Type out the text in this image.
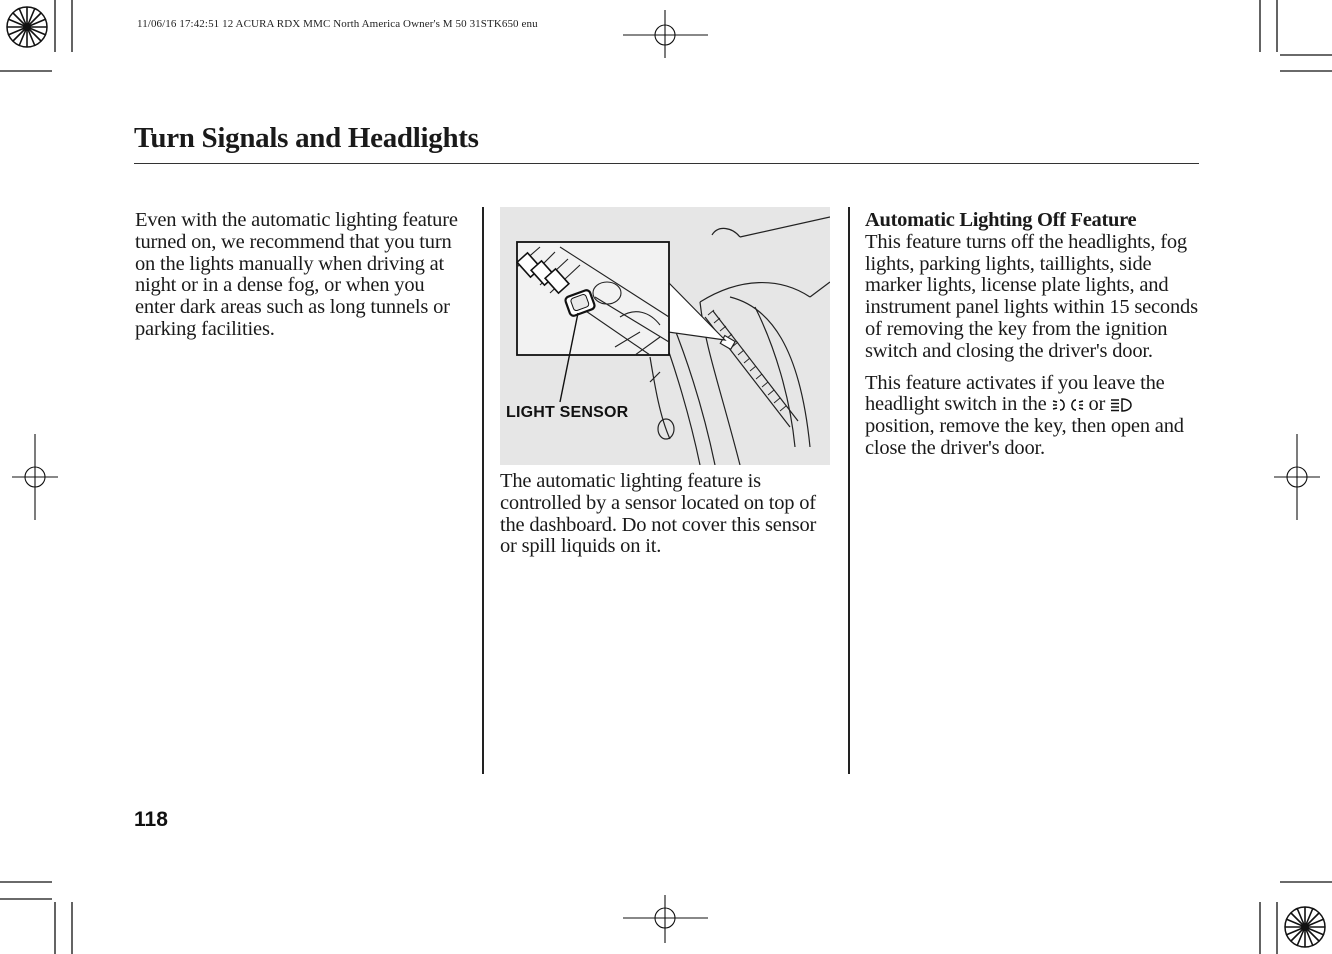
11/06/16 17:42:51 12 ACURA RDX MMC North America Owner's M 50 31STK650 enu
Turn Signals and Headlights

Even with the automatic lighting feature turned on, we recommend that you turn on the lights manually when driving at night or in a dense fog, or when you enter dark areas such as long tunnels or parking facilities.

LIGHT SENSOR

The automatic lighting feature is controlled by a sensor located on top of the dashboard. Do not cover this sensor or spill liquids on it.

Automatic Lighting Off Feature
This feature turns off the headlights, fog lights, parking lights, taillights, side marker lights, license plate lights, and instrument panel lights within 15 seconds of removing the key from the ignition switch and closing the driver's door.

This feature activates if you leave the headlight switch in the or
position, remove the key, then open and close the driver's door.

118
